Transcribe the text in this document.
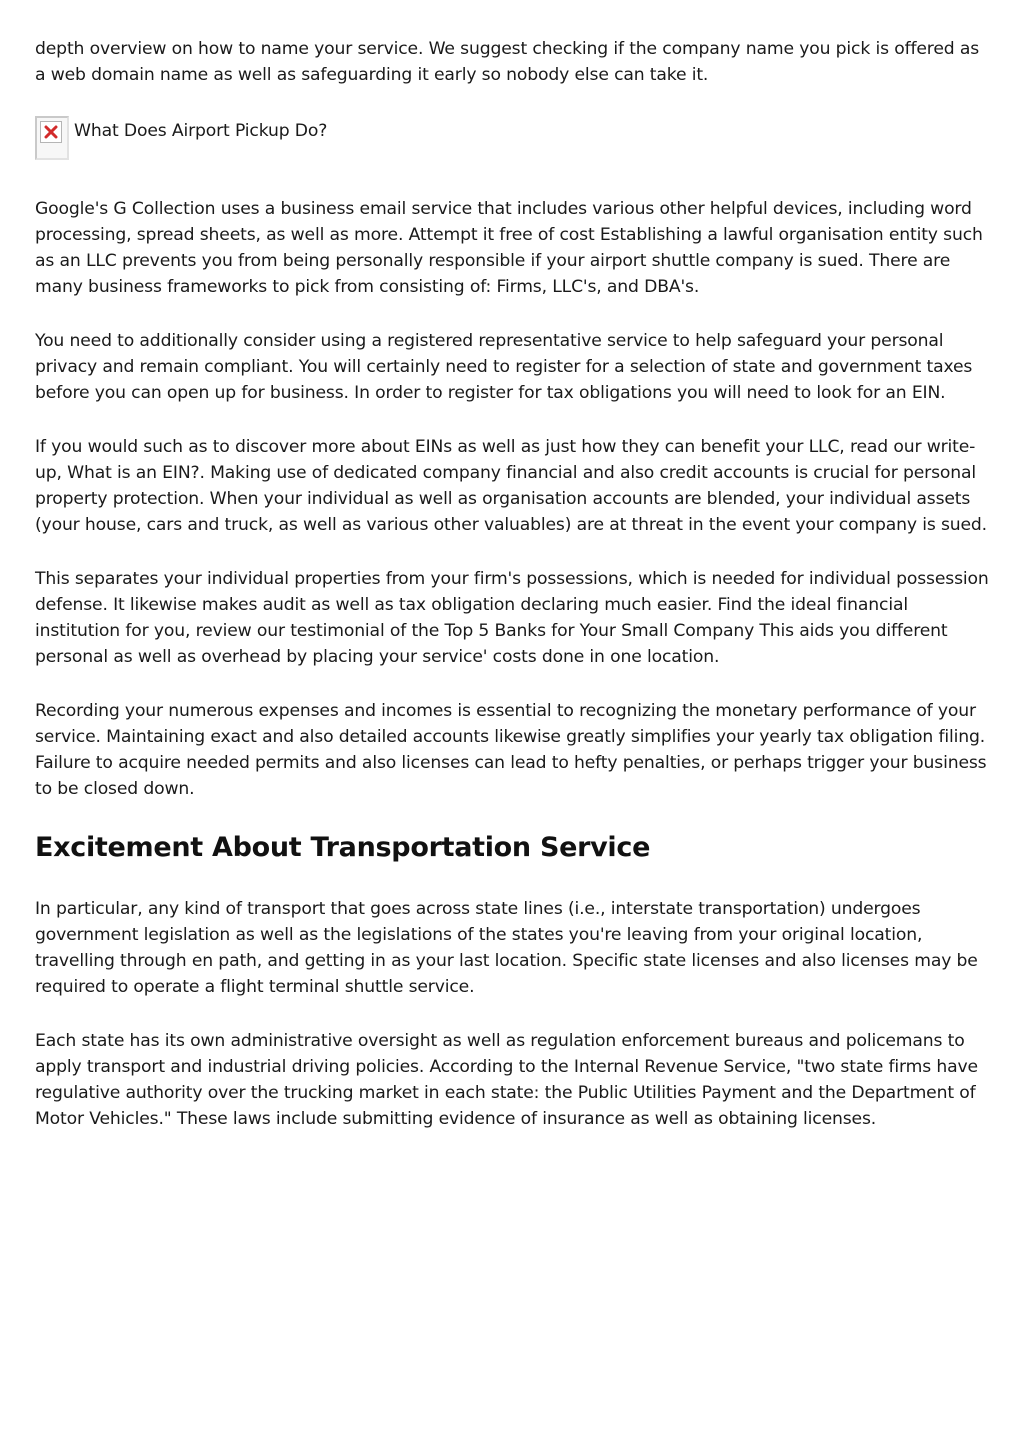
depth overview on how to name your service. We suggest checking if the company name you pick is offered as a web domain name as well as safeguarding it early so nobody else can take it.

What Does Airport Pickup Do?

Google's G Collection uses a business email service that includes various other helpful devices, including word processing, spread sheets, as well as more. Attempt it free of cost Establishing a lawful organisation entity such as an LLC prevents you from being personally responsible if your airport shuttle company is sued. There are many business frameworks to pick from consisting of: Firms, LLC's, and DBA's.

You need to additionally consider using a registered representative service to help safeguard your personal privacy and remain compliant. You will certainly need to register for a selection of state and government taxes before you can open up for business. In order to register for tax obligations you will need to look for an EIN.

If you would such as to discover more about EINs as well as just how they can benefit your LLC, read our write-up, What is an EIN?. Making use of dedicated company financial and also credit accounts is crucial for personal property protection. When your individual as well as organisation accounts are blended, your individual assets (your house, cars and truck, as well as various other valuables) are at threat in the event your company is sued.

This separates your individual properties from your firm's possessions, which is needed for individual possession defense. It likewise makes audit as well as tax obligation declaring much easier. Find the ideal financial institution for you, review our testimonial of the Top 5 Banks for Your Small Company This aids you different personal as well as overhead by placing your service' costs done in one location.

Recording your numerous expenses and incomes is essential to recognizing the monetary performance of your service. Maintaining exact and also detailed accounts likewise greatly simplifies your yearly tax obligation filing. Failure to acquire needed permits and also licenses can lead to hefty penalties, or perhaps trigger your business to be closed down.

Excitement About Transportation Service

In particular, any kind of transport that goes across state lines (i.e., interstate transportation) undergoes government legislation as well as the legislations of the states you're leaving from your original location, travelling through en path, and getting in as your last location. Specific state licenses and also licenses may be required to operate a flight terminal shuttle service.

Each state has its own administrative oversight as well as regulation enforcement bureaus and policemans to apply transport and industrial driving policies. According to the Internal Revenue Service, "two state firms have regulative authority over the trucking market in each state: the Public Utilities Payment and the Department of Motor Vehicles." These laws include submitting evidence of insurance as well as obtaining licenses.
